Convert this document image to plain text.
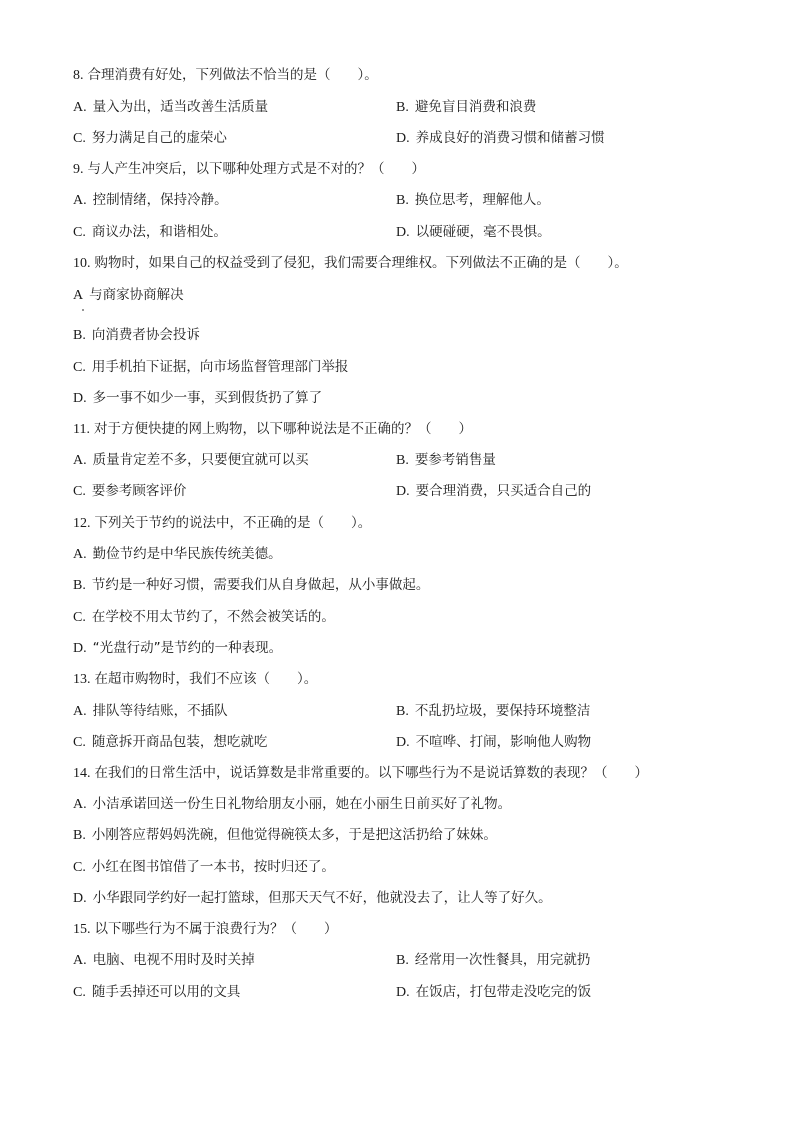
8. 合理消费有好处，下列做法不恰当的是（　　）。
A. 量入为出，适当改善生活质量	B. 避免盲目消费和浪费
C. 努力满足自己的虚荣心	D. 养成良好的消费习惯和储蓄习惯
9. 与人产生冲突后，以下哪种处理方式是不对的？（　　）
A. 控制情绪，保持冷静。	B. 换位思考，理解他人。
C. 商议办法，和谐相处。	D. 以硬碰硬，毫不畏惧。
10. 购物时，如果自己的权益受到了侵犯，我们需要合理维权。下列做法不正确的是（　　）。
A 与商家协商解决
B. 向消费者协会投诉
C. 用手机拍下证据，向市场监督管理部门举报
D. 多一事不如少一事，买到假货扔了算了
11. 对于方便快捷的网上购物，以下哪种说法是不正确的？（　　）
A. 质量肯定差不多，只要便宜就可以买	B. 要参考销售量
C. 要参考顾客评价	D. 要合理消费，只买适合自己的
12. 下列关于节约的说法中，不正确的是（　　）。
A. 勤俭节约是中华民族传统美德。
B. 节约是一种好习惯，需要我们从自身做起，从小事做起。
C. 在学校不用太节约了，不然会被笑话的。
D. “光盘行动”是节约的一种表现。
13. 在超市购物时，我们不应该（　　）。
A. 排队等待结账，不插队	B. 不乱扔垃圾，要保持环境整洁
C. 随意拆开商品包装，想吃就吃	D. 不喧哗、打闹，影响他人购物
14. 在我们的日常生活中，说话算数是非常重要的。以下哪些行为不是说话算数的表现？（　　）
A. 小洁承诺回送一份生日礼物给朋友小丽，她在小丽生日前买好了礼物。
B. 小刚答应帮妈妈洗碗，但他觉得碗筷太多，于是把这活扔给了妹妹。
C. 小红在图书馆借了一本书，按时归还了。
D. 小华跟同学约好一起打篮球，但那天天气不好，他就没去了，让人等了好久。
15. 以下哪些行为不属于浪费行为？（　　）
A. 电脑、电视不用时及时关掉	B. 经常用一次性餐具，用完就扔
C. 随手丢掉还可以用的文具	D. 在饭店，打包带走没吃完的饭
